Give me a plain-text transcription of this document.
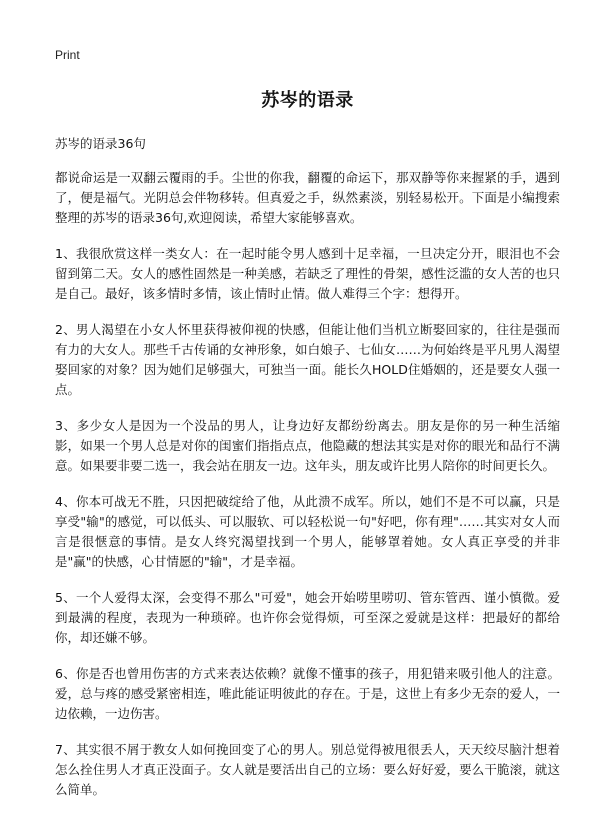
Print
苏岑的语录
苏岑的语录36句

都说命运是一双翻云覆雨的手。尘世的你我，翻覆的命运下，那双静等你来握紧的手，遇到了，便是福气。光阴总会伴物移转。但真爱之手，纵然素淡，别轻易松开。下面是小编搜索整理的苏岑的语录36句,欢迎阅读，希望大家能够喜欢。

1、我很欣赏这样一类女人：在一起时能令男人感到十足幸福，一旦决定分开，眼泪也不会留到第二天。女人的感性固然是一种美感，若缺乏了理性的骨架，感性泛滥的女人苦的也只是自己。最好，该多情时多情，该止情时止情。做人难得三个字：想得开。

2、男人渴望在小女人怀里获得被仰视的快感，但能让他们当机立断娶回家的，往往是强而有力的大女人。那些千古传诵的女神形象，如白娘子、七仙女……为何始终是平凡男人渴望娶回家的对象？因为她们足够强大，可独当一面。能长久HOLD住婚姻的，还是要女人强一点。

3、多少女人是因为一个没品的男人，让身边好友都纷纷离去。朋友是你的另一种生活缩影，如果一个男人总是对你的闺蜜们指指点点，他隐藏的想法其实是对你的眼光和品行不满意。如果要非要二选一，我会站在朋友一边。这年头，朋友或许比男人陪你的时间更长久。

4、你本可战无不胜，只因把破绽给了他，从此溃不成军。所以，她们不是不可以赢，只是享受"输"的感觉，可以低头、可以服软、可以轻松说一句"好吧，你有理"……其实对女人而言是很惬意的事情。是女人终究渴望找到一个男人，能够罩着她。女人真正享受的并非是"赢"的快感，心甘情愿的"输"，才是幸福。

5、一个人爱得太深，会变得不那么"可爱"，她会开始唠里唠叨、管东管西、谨小慎微。爱到最满的程度，表现为一种琐碎。也许你会觉得烦，可至深之爱就是这样：把最好的都给你，却还嫌不够。

6、你是否也曾用伤害的方式来表达依赖？就像不懂事的孩子，用犯错来吸引他人的注意。爱，总与疼的感受紧密相连，唯此能证明彼此的存在。于是，这世上有多少无奈的爱人，一边依赖，一边伤害。

7、其实很不屑于教女人如何挽回变了心的男人。别总觉得被甩很丢人，天天绞尽脑汁想着怎么拴住男人才真正没面子。女人就是要活出自己的立场：要么好好爱，要么干脆滚，就这么简单。
